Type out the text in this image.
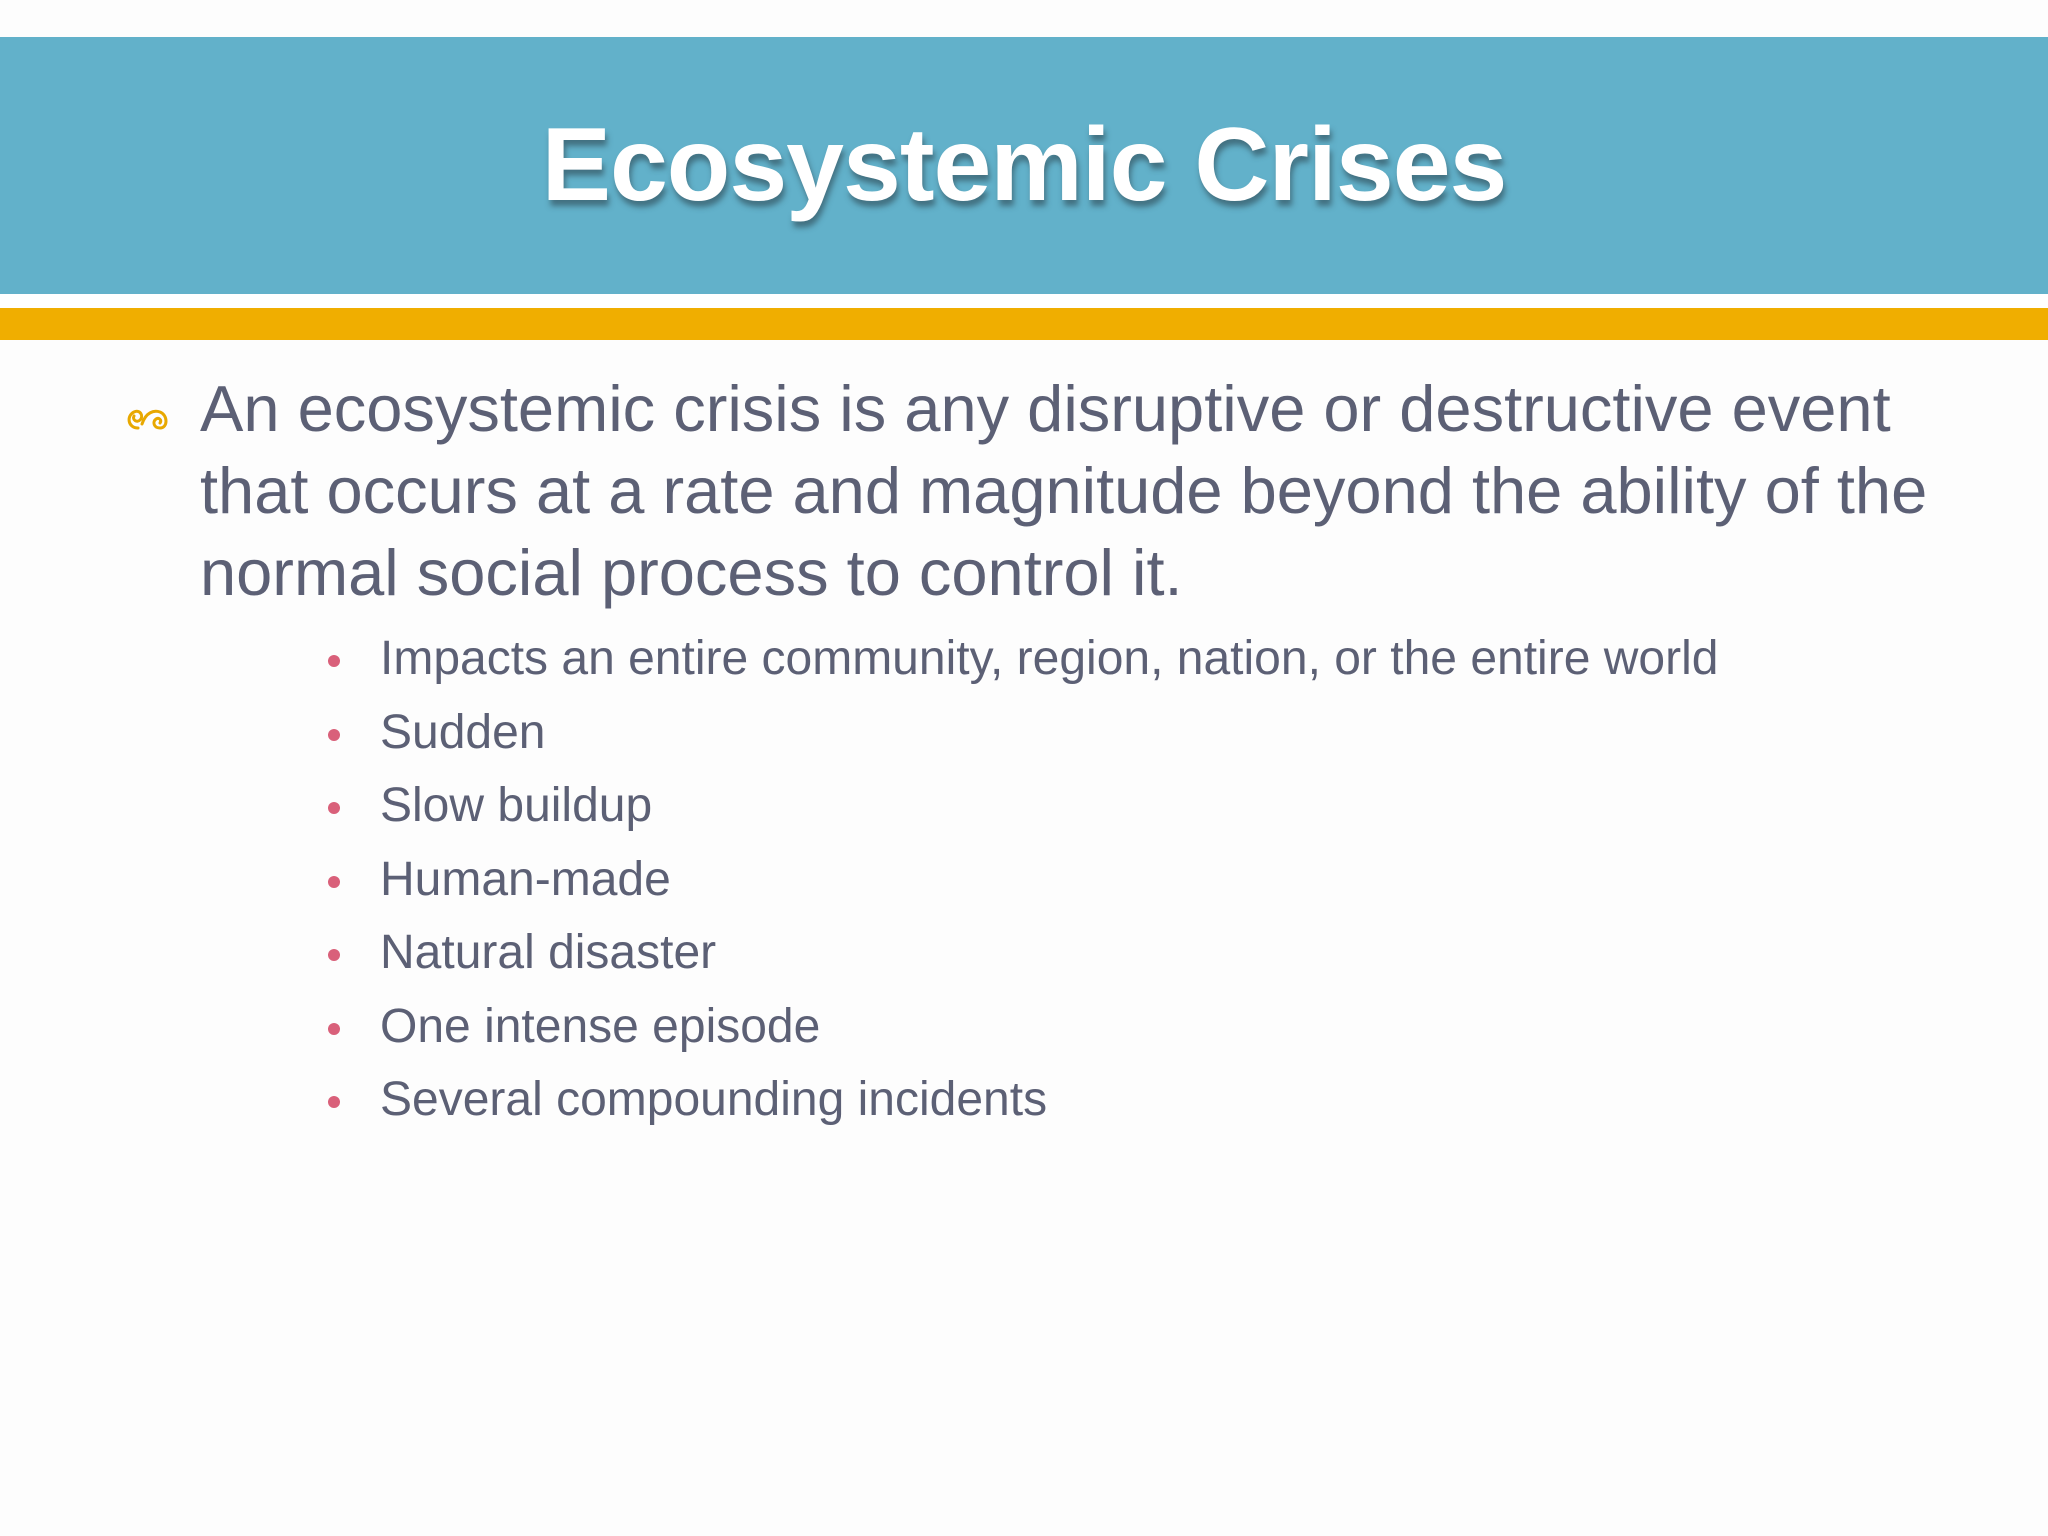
Ecosystemic Crises

An ecosystemic crisis is any disruptive or destructive event that occurs at a rate and magnitude beyond the ability of the normal social process to control it.

Impacts an entire community, region, nation, or the entire world
Sudden
Slow buildup
Human-made
Natural disaster
One intense episode
Several compounding incidents
